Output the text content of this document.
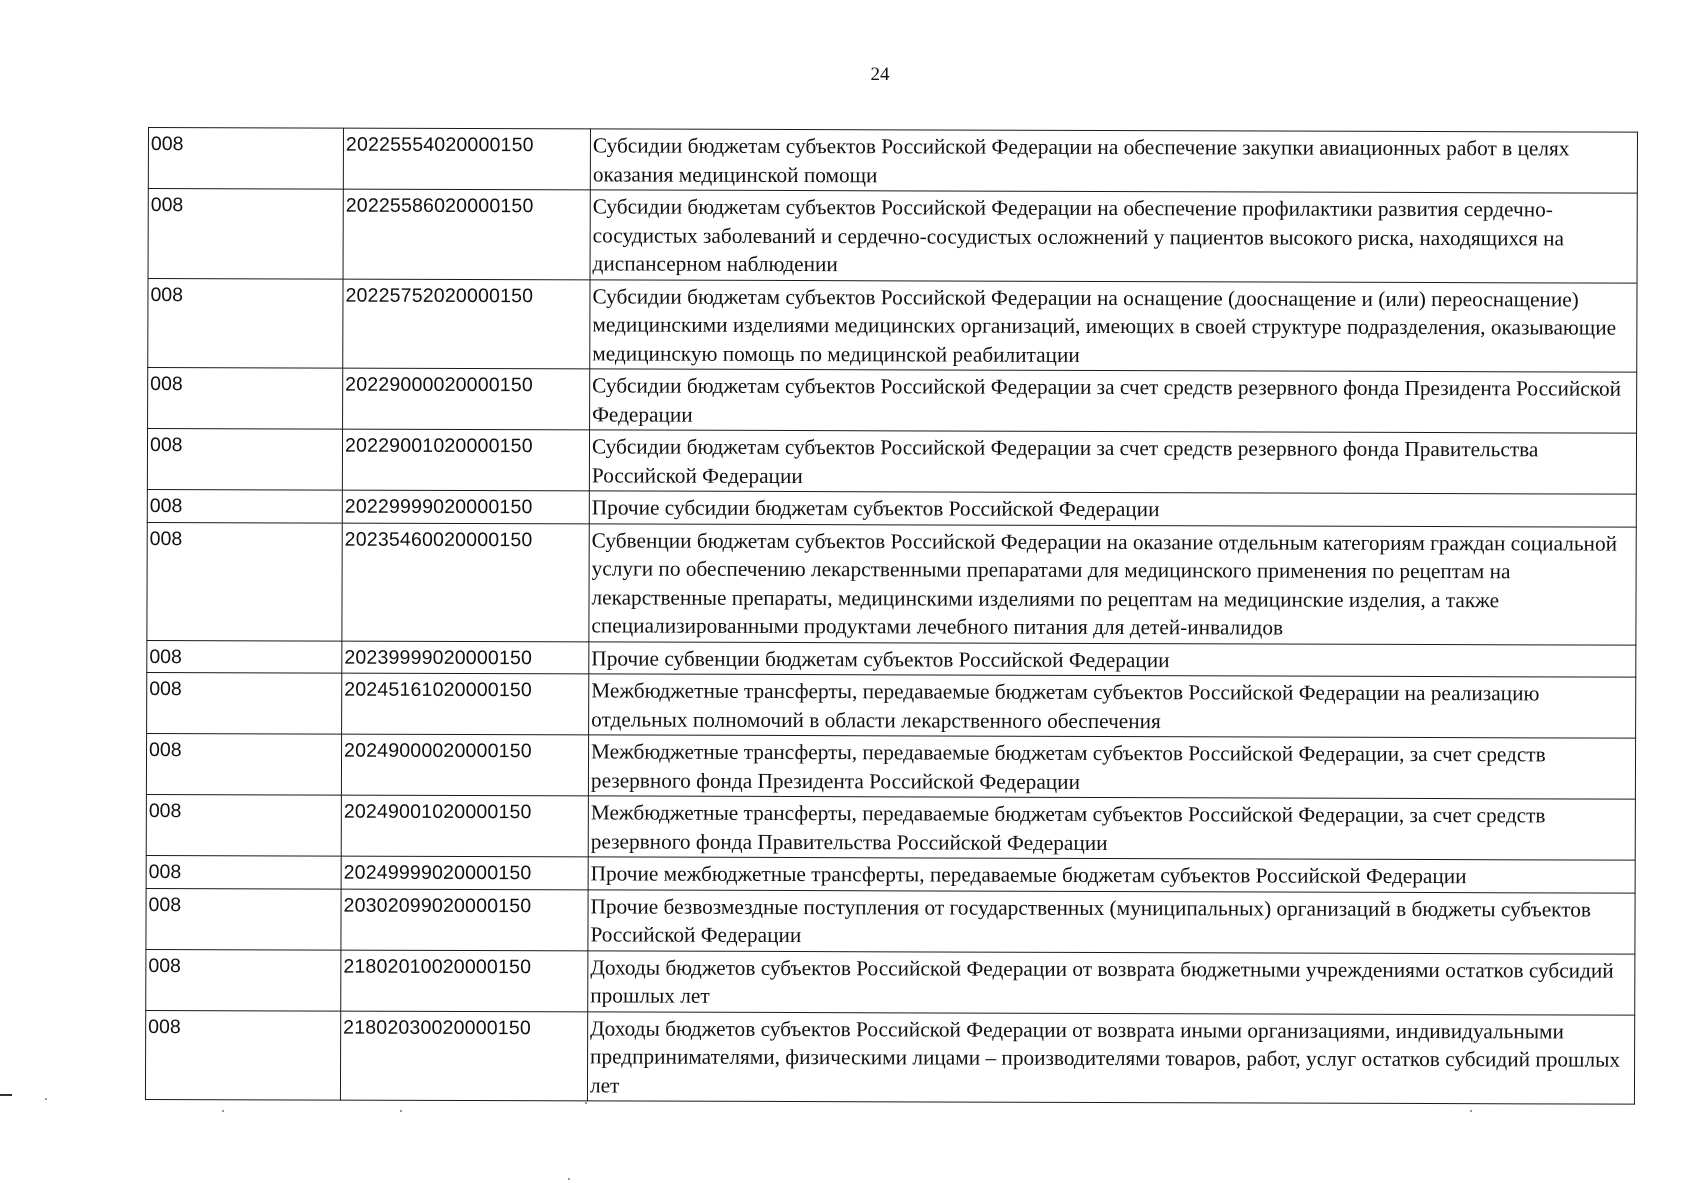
24
008	20225554020000150	Субсидии бюджетам субъектов Российской Федерации на обеспечение закупки авиационных работ в целях оказания медицинской помощи
008	20225586020000150	Субсидии бюджетам субъектов Российской Федерации на обеспечение профилактики развития сердечно-сосудистых заболеваний и сердечно-сосудистых осложнений у пациентов высокого риска, находящихся на диспансерном наблюдении
008	20225752020000150	Субсидии бюджетам субъектов Российской Федерации на оснащение (дооснащение и (или) переоснащение) медицинскими изделиями медицинских организаций, имеющих в своей структуре подразделения, оказывающие медицинскую помощь по медицинской реабилитации
008	20229000020000150	Субсидии бюджетам субъектов Российской Федерации за счет средств резервного фонда Президента Российской Федерации
008	20229001020000150	Субсидии бюджетам субъектов Российской Федерации за счет средств резервного фонда Правительства Российской Федерации
008	20229999020000150	Прочие субсидии бюджетам субъектов Российской Федерации
008	20235460020000150	Субвенции бюджетам субъектов Российской Федерации на оказание отдельным категориям граждан социальной услуги по обеспечению лекарственными препаратами для медицинского применения по рецептам на лекарственные препараты, медицинскими изделиями по рецептам на медицинские изделия, а также специализированными продуктами лечебного питания для детей-инвалидов
008	20239999020000150	Прочие субвенции бюджетам субъектов Российской Федерации
008	20245161020000150	Межбюджетные трансферты, передаваемые бюджетам субъектов Российской Федерации на реализацию отдельных полномочий в области лекарственного обеспечения
008	20249000020000150	Межбюджетные трансферты, передаваемые бюджетам субъектов Российской Федерации, за счет средств резервного фонда Президента Российской Федерации
008	20249001020000150	Межбюджетные трансферты, передаваемые бюджетам субъектов Российской Федерации, за счет средств резервного фонда Правительства Российской Федерации
008	20249999020000150	Прочие межбюджетные трансферты, передаваемые бюджетам субъектов Российской Федерации
008	20302099020000150	Прочие безвозмездные поступления от государственных (муниципальных) организаций в бюджеты субъектов Российской Федерации
008	21802010020000150	Доходы бюджетов субъектов Российской Федерации от возврата бюджетными учреждениями остатков субсидий прошлых лет
008	21802030020000150	Доходы бюджетов субъектов Российской Федерации от возврата иными организациями, индивидуальными предпринимателями, физическими лицами – производителями товаров, работ, услуг остатков субсидий прошлых лет
